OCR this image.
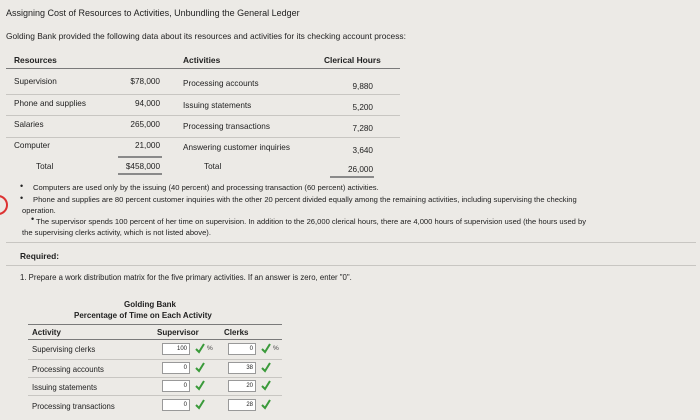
Assigning Cost of Resources to Activities, Unbundling the General Ledger
Golding Bank provided the following data about its resources and activities for its checking account process:
Resources	Activities	Clerical Hours
Supervision	$78,000	Processing accounts	9,880
Phone and supplies	94,000	Issuing statements	5,200
Salaries	265,000	Processing transactions	7,280
Computer	21,000	Answering customer inquiries	3,640
Total	$458,000	Total	26,000
• Computers are used only by the issuing (40 percent) and processing transaction (60 percent) activities.
• Phone and supplies are 80 percent customer inquiries with the other 20 percent divided equally among the remaining activities, including supervising the checking
operation.
• The supervisor spends 100 percent of her time on supervision. In addition to the 26,000 clerical hours, there are 4,000 hours of supervision used (the hours used by
the supervising clerks activity, which is not listed above).
Required:
1. Prepare a work distribution matrix for the five primary activities. If an answer is zero, enter "0".
Golding Bank
Percentage of Time on Each Activity
Activity	Supervisor	Clerks
Supervising clerks	100	%	0	%
Processing accounts	0	38
Issuing statements	0	20
Processing transactions	0	28
